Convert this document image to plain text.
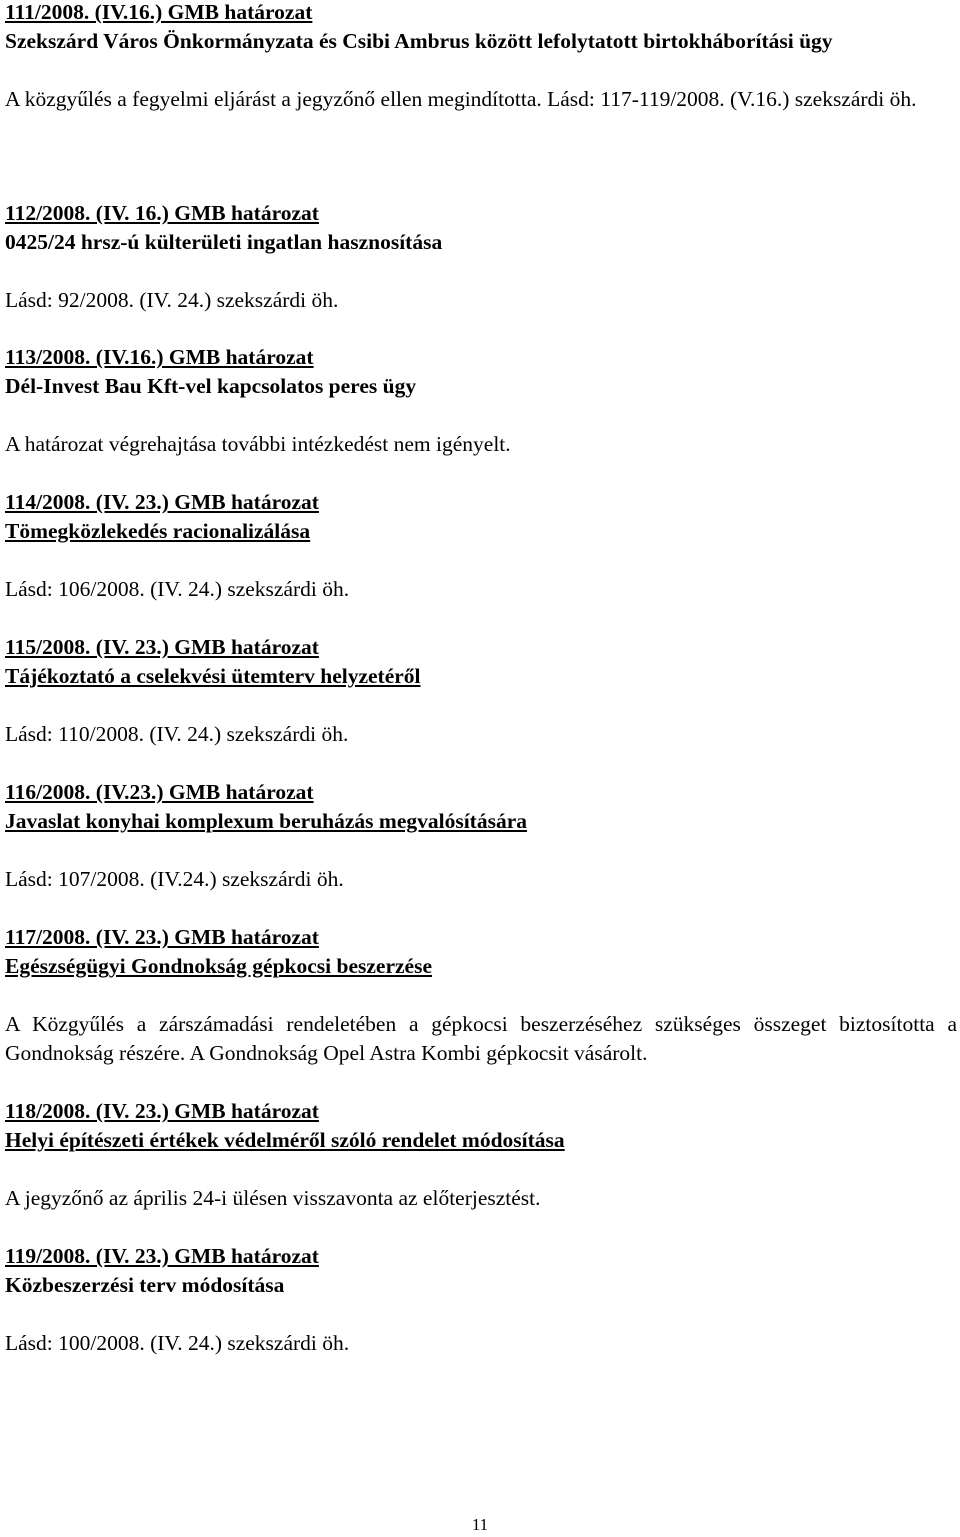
111/2008. (IV.16.) GMB határozat
Szekszárd Város Önkormányzata és Csibi Ambrus között lefolytatott birtokháborítási ügy
A közgyűlés a fegyelmi eljárást a jegyzőnő ellen megindította. Lásd: 117-119/2008. (V.16.) szekszárdi öh.
112/2008. (IV. 16.) GMB határozat
0425/24 hrsz-ú külterületi ingatlan hasznosítása
Lásd: 92/2008. (IV. 24.) szekszárdi öh.
113/2008. (IV.16.) GMB határozat
Dél-Invest Bau Kft-vel kapcsolatos peres ügy
A határozat végrehajtása további intézkedést nem igényelt.
114/2008. (IV. 23.) GMB határozat
Tömegközlekedés racionalizálása
Lásd: 106/2008. (IV. 24.) szekszárdi öh.
115/2008. (IV. 23.) GMB határozat
Tájékoztató a cselekvési ütemterv helyzetéről
Lásd: 110/2008. (IV. 24.) szekszárdi öh.
116/2008. (IV.23.) GMB határozat
Javaslat konyhai komplexum beruházás megvalósítására
Lásd: 107/2008. (IV.24.) szekszárdi öh.
117/2008. (IV. 23.) GMB határozat
Egészségügyi Gondnokság gépkocsi beszerzése
A Közgyűlés a zárszámadási rendeletében a gépkocsi beszerzéséhez szükséges összeget biztosította a Gondnokság részére. A Gondnokság Opel Astra Kombi gépkocsit vásárolt.
118/2008. (IV. 23.) GMB határozat
Helyi építészeti értékek védelméről szóló rendelet módosítása
A jegyzőnő az április 24-i ülésen visszavonta az előterjesztést.
119/2008. (IV. 23.) GMB határozat
Közbeszerzési terv módosítása
Lásd: 100/2008. (IV. 24.) szekszárdi öh.
11
